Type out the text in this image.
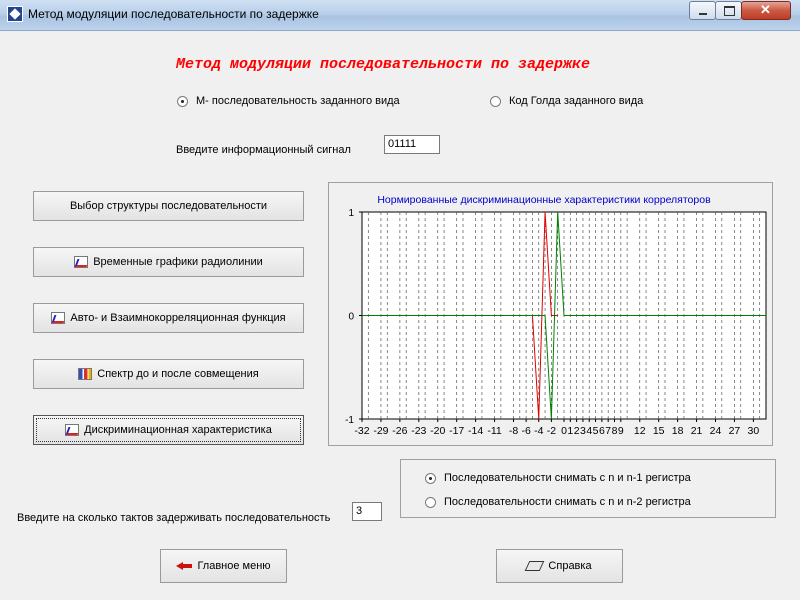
Метод модуляции последовательности по задержке
✕
Метод модуляции последовательности по задержке
М- последовательность заданного вида	Код Голда заданного вида
Введите информационный сигнал	01111
Выбор структуры последовательности
Временные графики радиолинии
Авто- и Взаимнокорреляционная функция
Спектр до и после совмещения
Дискриминационная характеристика
Нормированные дискриминационные характеристики корреляторов
1
0
-1
-32 -29 -26 -23 -20 -17 -14 -11 -8 -6 -4 -2 0 1 2 3 4 5 6 7 8 9 12 15 18 21 24 27 30
Последовательности снимать с n и n-1 регистра
Последовательности снимать с n и n-2 регистра
Введите на сколько тактов задерживать последовательность
3
Главное меню	Справка
